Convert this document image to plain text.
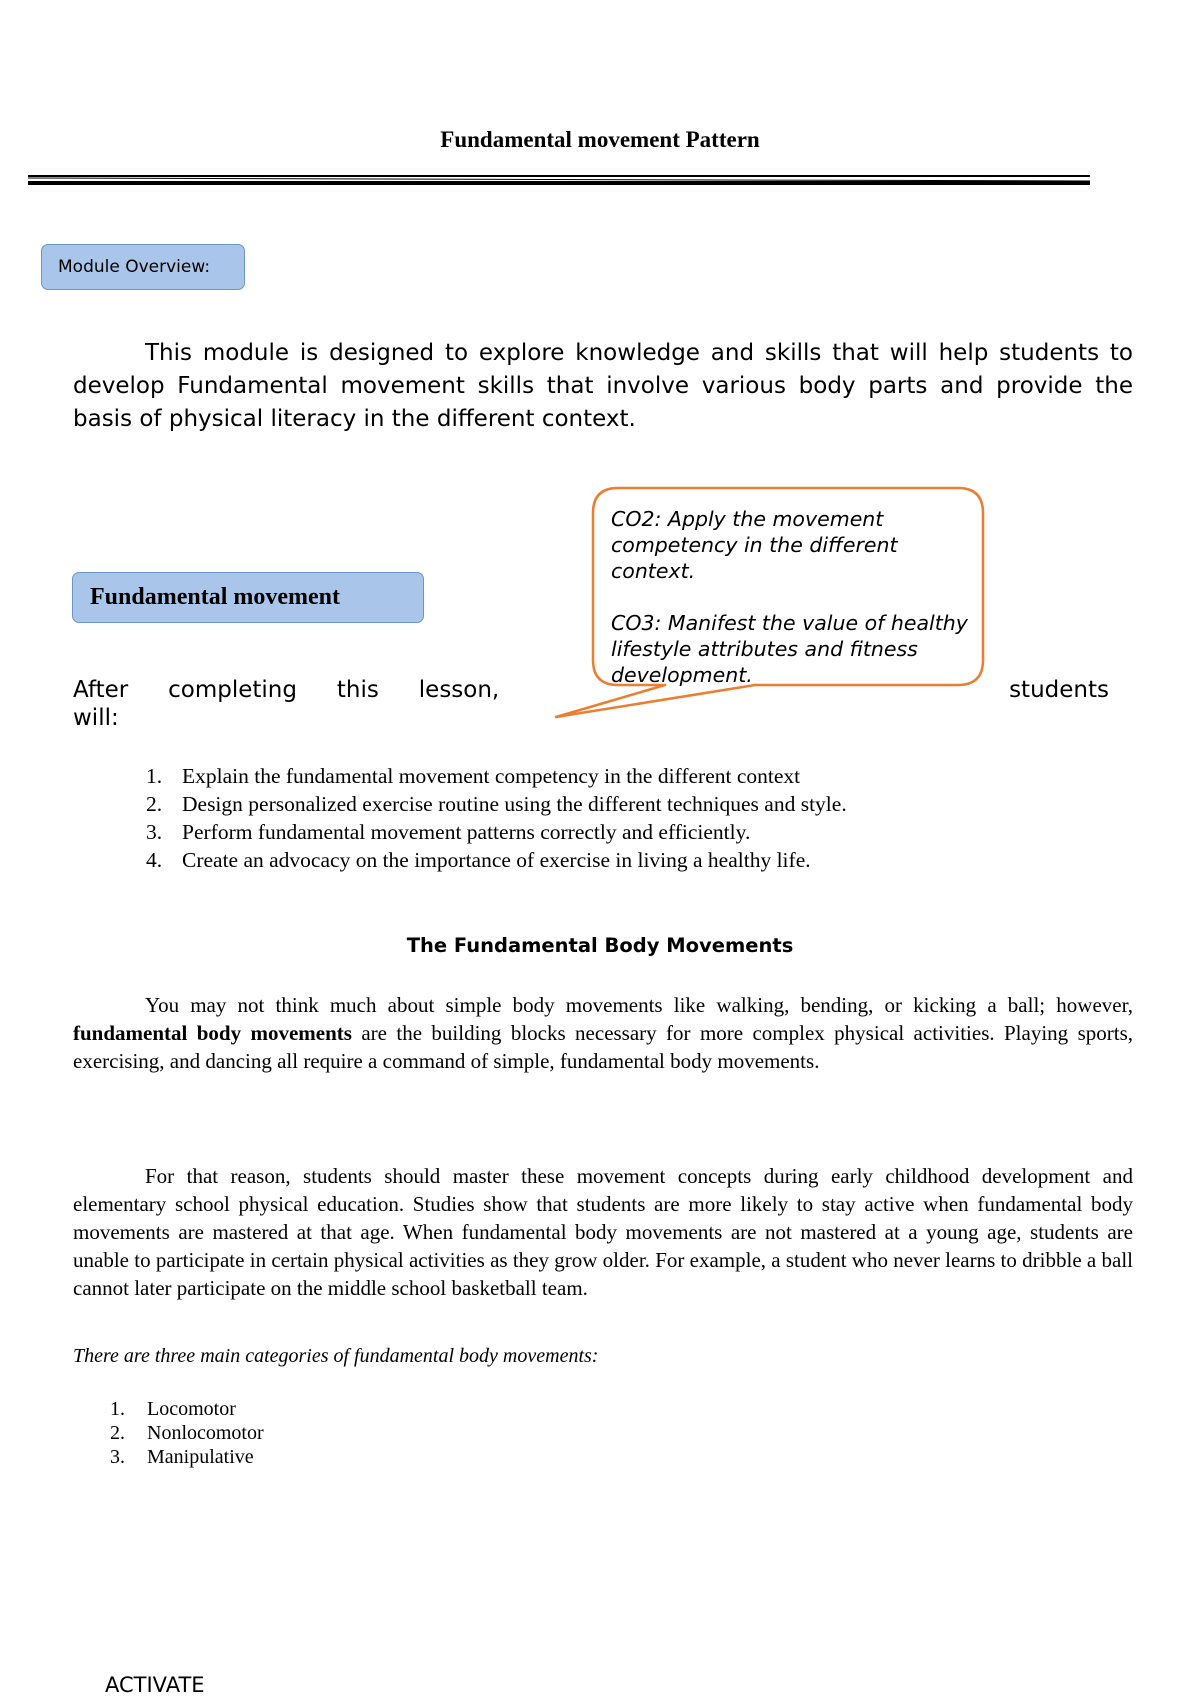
Fundamental movement Pattern
Module Overview:

This module is designed to explore knowledge and skills that will help students to develop Fundamental movement skills that involve various body parts and provide the basis of physical literacy in the different context.

Fundamental movement

CO2: Apply the movement competency in the different context.

CO3: Manifest the value of healthy lifestyle attributes and fitness development.

After completing this lesson,	students
will:
1. Explain the fundamental movement competency in the different context
2. Design personalized exercise routine using the different techniques and style.
3. Perform fundamental movement patterns correctly and efficiently.
4. Create an advocacy on the importance of exercise in living a healthy life.
The Fundamental Body Movements

You may not think much about simple body movements like walking, bending, or kicking a ball; however, fundamental body movements are the building blocks necessary for more complex physical activities. Playing sports, exercising, and dancing all require a command of simple, fundamental body movements.

For that reason, students should master these movement concepts during early childhood development and elementary school physical education. Studies show that students are more likely to stay active when fundamental body movements are mastered at that age. When fundamental body movements are not mastered at a young age, students are unable to participate in certain physical activities as they grow older. For example, a student who never learns to dribble a ball cannot later participate on the middle school basketball team.

There are three main categories of fundamental body movements:
1.	Locomotor
2.	Nonlocomotor
3.	Manipulative
ACTIVATE
